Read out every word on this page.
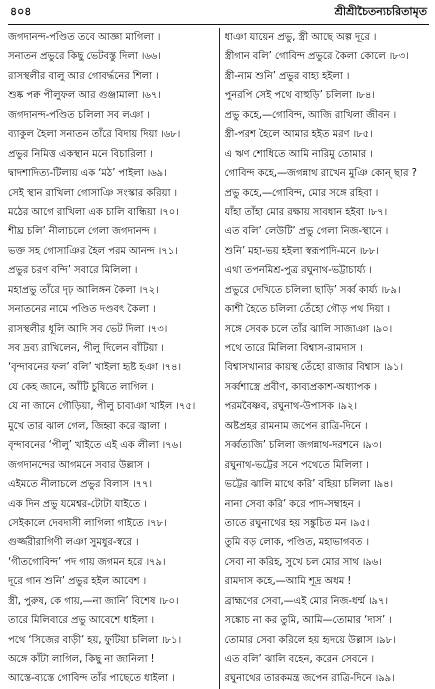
৪০৪	শ্রীশ্রীচৈতন্যচরিতামৃত
জগদানন্দ-পণ্ডিত তবে আজ্ঞা মাগিলা ।
সনাতন প্রভুরে কিছু ভেটবস্তু দিলা ।৬৬।
রাসস্থলীর বালু আর গোবর্দ্ধনের শিলা ।
শুষ্ক পক্ব পীলুফল আর গুঞ্জামালা ।৬৭।
জগদানন্দ-পণ্ডিত চলিলা সব লঞা ।
ব্যাকুল হৈলা সনাতন তাঁরে বিদায় দিয়া ।৬৮।
প্রভুর নিমিত্ত একস্থান মনে বিচারিলা ।
দ্বাদশাদিত্য-টিলায় এক ‘মঠ’ পাইলা ।৬৯।
সেই স্থান রাখিলা গোসাঞি সংস্কার করিয়া ।
মঠের আগে রাখিলা এক চালি বান্ধিয়া ।৭০।
শীঘ্র চলি’ নীলাচলে গেলা জগদানন্দ ।
ভক্ত সহ গোসাঞির হৈল পরম আনন্দ ।৭১।
প্রভুর চরণ বন্দি’ সবারে মিলিলা ।
মহাপ্রভু তাঁরে দৃঢ় আলিঙ্গন কৈলা ।৭২।
সনাতনের নামে পণ্ডিত দণ্ডবৎ কৈলা ।
রাসস্থলীর ধূলি আদি সব ভেট দিলা ।৭৩।
সব দ্রব্য রাখিলেন, পীলু দিলেন বাঁটিয়া ।
‘বৃন্দাবনের ফল’ বলি’ খাইলা হৃষ্ট হঞা ।৭৪।
যে কেহ জানে, আঁটি চুষিতে লাগিল ।
যে না জানে গৌড়িয়া, পীলু চাবাঞা খাইল ।৭৫।
মুখে তার ঝাল গেল, জিহ্বা করে জ্বালা ।
বৃন্দাবনের ‘পীলু’ খাইতে এই এক লীলা ।৭৬।
জগদানন্দের আগমনে সবার উল্লাস ।
এইমতে নীলাচলে প্রভুর বিলাস ।৭৭।
এক দিন প্রভু যমেশ্বর-টোটা যাইতে ।
সেইকালে দেবদাসী লাগিলা গাইতে ।৭৮।
গুর্জ্জরীরাগিণী লঞা সুমধুর-স্বরে ।
‘গীতগোবিন্দ’ পদ গায় জগমন হরে ।৭৯।
দূরে গান শুনি’ প্রভুর হইল আবেশ ।
স্ত্রী, পুরুষ, কে গায়,—না জানি’ বিশেষ ।৮০।
তারে মিলিবারে প্রভু আবেশে ধাইলা ।
পথে ‘সিজের বাড়ী’ হয়, ফুটিয়া চলিলা ।৮১।
অঙ্গে কাঁটা লাগিল, কিছু না জানিলা !
আস্তে-ব্যস্তে গোবিন্দ তাঁর পাছেতে ধাইলা ।
ধাঞা যায়েন প্রভু, স্ত্রী আছে অল্প দূরে ।
স্ত্রীগান বলি’ গোবিন্দ প্রভুরে কৈলা কোলে ।৮৩।
স্ত্রী-নাম শুনি’ প্রভুর বাহ্য হইলা ।
পুনরপি সেই পথে বাহুড়ি’ চলিলা ।৮৪।
প্রভু কহে,—গোবিন্দ, আজি রাখিলা জীবন ।
স্ত্রী-পরশ হৈলে আমার হইত মরণ ।৮৫।
এ ঋণ শোধিতে আমি নারিমু তোমার ।
গোবিন্দ কহে,—জগন্নাথ রাখেন মুঞি কোন্‌ ছার ?
প্রভু কহে,—গোবিন্দ, মোর সঙ্গে রহিবা ।
যাঁহা তাঁহা মোর রক্ষায় সাবধান হইবা ।৮৭।
এত বলি’ লেউটি’ প্রভু গেলা নিজ-স্থানে ।
শুনি’ মহা-ভয় হইলা স্বরূপাদি-মনে ।৮৮।
এথা তপনমিশ্র-পুত্র রঘুনাথ-ভট্টাচার্য্য ।
প্রভুরে দেখিতে চলিলা ছাড়ি’ সর্ব্ব কার্য্য ।৮৯।
কাশী হৈতে চলিলা তেঁহো গৌড় পথ দিয়া ।
সঙ্গে সেবক চলে তাঁর ঝালি সাজাঞা ।৯০।
পথে তারে মিলিলা বিশ্বাস-রামদাস ।
বিশ্বাসখানার কায়স্থ তেঁহো রাজার বিশ্বাস ।৯১।
সর্ব্বশাস্ত্রে প্রবীণ, কাব্যপ্রকাশ-অধ্যাপক ।
পরমবৈষ্ণব, রঘুনাথ-উপাসক ।৯২।
অষ্টপ্রহর রামনাম জপেন রাত্রি-দিনে ।
সর্ব্বত্যজি’ চলিলা জগন্নাথ-দরশনে ।৯৩।
রঘুনাথ-ভট্টের সনে পথেতে মিলিলা ।
ভট্টের ঝালি মাথে করি’ বহিয়া চলিলা ।৯৪।
নানা সেবা করি’ করে পাদ-সম্বাহন ।
তাতে রঘুনাথের হয় সঙ্কুচিত মন ।৯৫।
তুমি বড় লোক, পণ্ডিত, মহাভাগবত ।
সেবা না করিহ, সুখে চল মোর সাথ ।৯৬।
রামদাস কহে,—আমি শূদ্র অধম !
ব্রাহ্মণের সেবা,—এই মোর নিজ-ধর্ম্ম ।৯৭।
সঙ্কোচ না কর তুমি, আমি—তোমার ‘দাস’ ।
তোমার সেবা করিলে হয় হৃদয়ে উল্লাস ।৯৮।
এত বলি’ ঝালি বহেন, করেন সেবনে ।
রঘুনাথের তারকমন্ত্র জপেন রাত্রি-দিনে ।৯৯।
